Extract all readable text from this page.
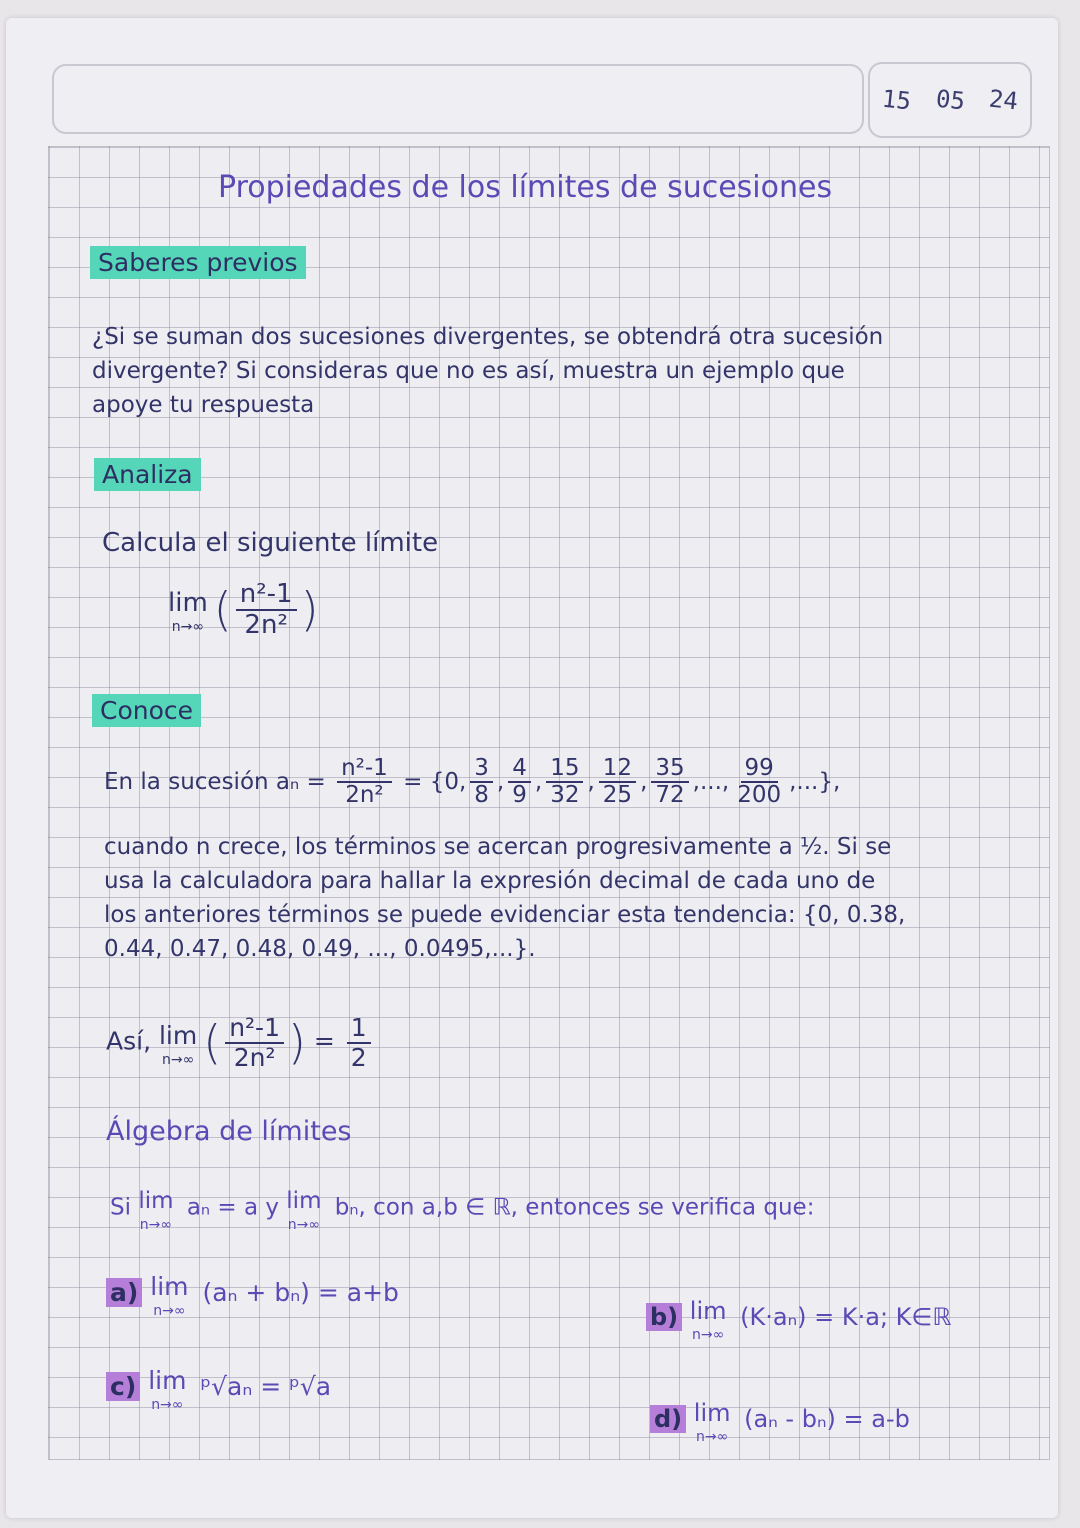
15 05 24
Propiedades de los límites de sucesiones
Saberes previos
¿Si se suman dos sucesiones divergentes, se obtendrá otra sucesión
divergente? Si consideras que no es así, muestra un ejemplo que
apoye tu respuesta
Analiza
Calcula el siguiente límite
lim
n→∞ ( $\frac{\text{n²-1}}{\text{2n²}}$ )
Conoce
En la sucesión $a_n = \frac{\text{n²-1}}{\text{2n²}} = \{0$, $\frac{3}{8}$ , $\frac{4}{9}$ , $\frac{15}{32}$ , $\frac{12}{25}$ , $\frac{35}{72}$ ,..., $\frac{99}{200}$ ,...},
cuando n crece, los términos se acercan progresivamente a ½. Si se
usa la calculadora para hallar la expresión decimal de cada uno de
los anteriores términos se puede evidenciar esta tendencia: {0, 0.38,
0.44, 0.47, 0.48, 0.49, ..., 0.0495,...}.
Así, lim
n→∞ ( $\frac{\text{n²-1}}{\text{2n²}}$ ) = $\frac{1}{2}$
Álgebra de límites
Si lim
n→∞
aₙ = a y lim
n→∞
bₙ, con a,b ∈ ℝ, entonces se verifica que:
a) lim
n→∞
(aₙ + bₙ) = a+b
b) lim
n→∞
(K·aₙ) = K·a; K∈ℝ
c) lim
n→∞
ᵖ√aₙ = ᵖ√a
d) lim
n→∞
(aₙ - bₙ) = a-b
